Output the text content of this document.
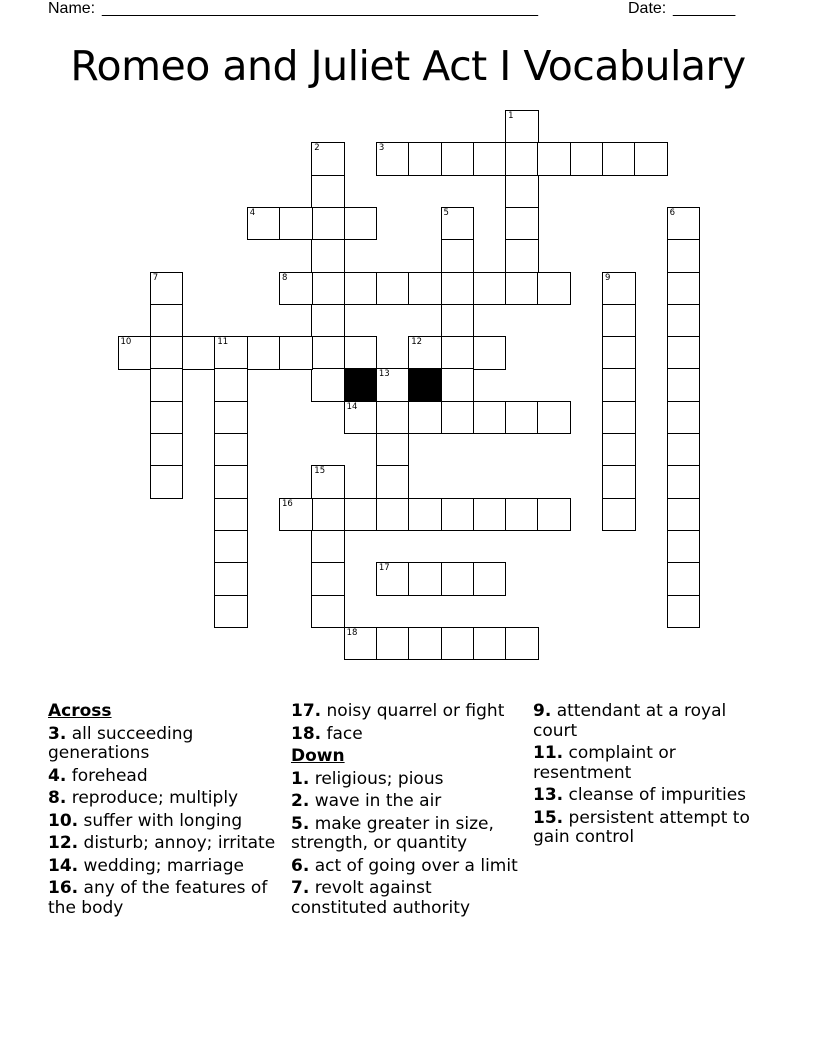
Name: _________________________________________________	Date: _______
Romeo and Juliet Act I Vocabulary
1
2	3
4	5	6
7	8	9
10	11	12
13
14
15
16
17
18
Across
3. all succeeding generations
4. forehead
8. reproduce; multiply
10. suffer with longing
12. disturb; annoy; irritate
14. wedding; marriage
16. any of the features of the body
17. noisy quarrel or fight
18. face
Down
1. religious; pious
2. wave in the air
5. make greater in size, strength, or quantity
6. act of going over a limit
7. revolt against constituted authority
9. attendant at a royal court
11. complaint or resentment
13. cleanse of impurities
15. persistent attempt to gain control
